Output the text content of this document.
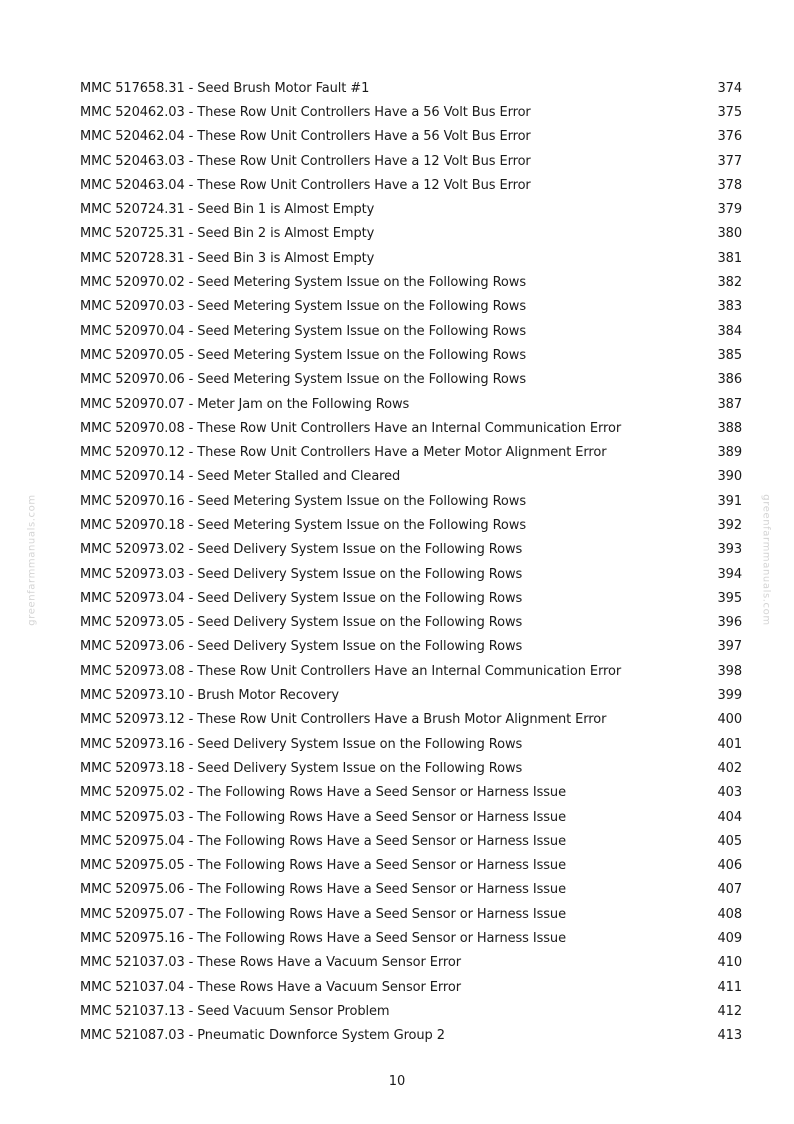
greenfarmmanuals.com	greenfarmmanuals.com
MMC 517658.31 - Seed Brush Motor Fault #1	374
MMC 520462.03 - These Row Unit Controllers Have a 56 Volt Bus Error	375
MMC 520462.04 - These Row Unit Controllers Have a 56 Volt Bus Error	376
MMC 520463.03 - These Row Unit Controllers Have a 12 Volt Bus Error	377
MMC 520463.04 - These Row Unit Controllers Have a 12 Volt Bus Error	378
MMC 520724.31 - Seed Bin 1 is Almost Empty	379
MMC 520725.31 - Seed Bin 2 is Almost Empty	380
MMC 520728.31 - Seed Bin 3 is Almost Empty	381
MMC 520970.02 - Seed Metering System Issue on the Following Rows	382
MMC 520970.03 - Seed Metering System Issue on the Following Rows	383
MMC 520970.04 - Seed Metering System Issue on the Following Rows	384
MMC 520970.05 - Seed Metering System Issue on the Following Rows	385
MMC 520970.06 - Seed Metering System Issue on the Following Rows	386
MMC 520970.07 - Meter Jam on the Following Rows	387
MMC 520970.08 - These Row Unit Controllers Have an Internal Communication Error	388
MMC 520970.12 - These Row Unit Controllers Have a Meter Motor Alignment Error	389
MMC 520970.14 - Seed Meter Stalled and Cleared	390
MMC 520970.16 - Seed Metering System Issue on the Following Rows	391
MMC 520970.18 - Seed Metering System Issue on the Following Rows	392
MMC 520973.02 - Seed Delivery System Issue on the Following Rows	393
MMC 520973.03 - Seed Delivery System Issue on the Following Rows	394
MMC 520973.04 - Seed Delivery System Issue on the Following Rows	395
MMC 520973.05 - Seed Delivery System Issue on the Following Rows	396
MMC 520973.06 - Seed Delivery System Issue on the Following Rows	397
MMC 520973.08 - These Row Unit Controllers Have an Internal Communication Error	398
MMC 520973.10 - Brush Motor Recovery	399
MMC 520973.12 - These Row Unit Controllers Have a Brush Motor Alignment Error	400
MMC 520973.16 - Seed Delivery System Issue on the Following Rows	401
MMC 520973.18 - Seed Delivery System Issue on the Following Rows	402
MMC 520975.02 - The Following Rows Have a Seed Sensor or Harness Issue	403
MMC 520975.03 - The Following Rows Have a Seed Sensor or Harness Issue	404
MMC 520975.04 - The Following Rows Have a Seed Sensor or Harness Issue	405
MMC 520975.05 - The Following Rows Have a Seed Sensor or Harness Issue	406
MMC 520975.06 - The Following Rows Have a Seed Sensor or Harness Issue	407
MMC 520975.07 - The Following Rows Have a Seed Sensor or Harness Issue	408
MMC 520975.16 - The Following Rows Have a Seed Sensor or Harness Issue	409
MMC 521037.03 - These Rows Have a Vacuum Sensor Error	410
MMC 521037.04 - These Rows Have a Vacuum Sensor Error	411
MMC 521037.13 - Seed Vacuum Sensor Problem	412
MMC 521087.03 - Pneumatic Downforce System Group 2	413
10
